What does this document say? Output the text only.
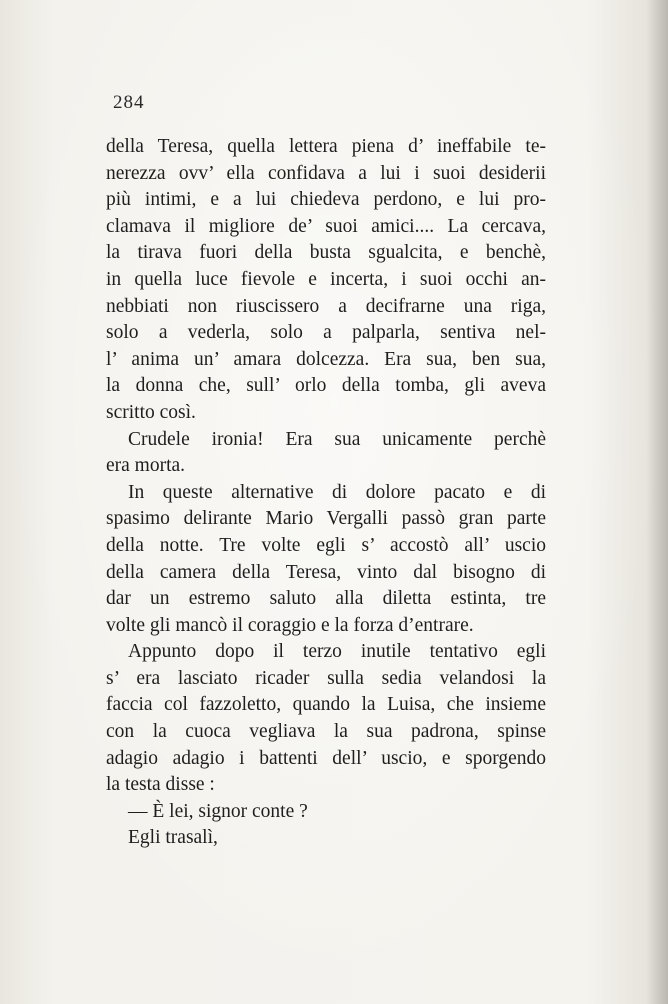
284
della Teresa, quella lettera piena d’ ineffabile te-
nerezza ovv’ ella confidava a lui i suoi desiderii
più intimi, e a lui chiedeva perdono, e lui pro-
clamava il migliore de’ suoi amici.... La cercava,
la tirava fuori della busta sgualcita, e benchè,
in quella luce fievole e incerta, i suoi occhi an-
nebbiati non riuscissero a decifrarne una riga,
solo a vederla, solo a palparla, sentiva nel-
l’ anima un’ amara dolcezza. Era sua, ben sua,
la donna che, sull’ orlo della tomba, gli aveva
scritto così.
Crudele ironia! Era sua unicamente perchè
era morta.
In queste alternative di dolore pacato e di
spasimo delirante Mario Vergalli passò gran parte
della notte. Tre volte egli s’ accostò all’ uscio
della camera della Teresa, vinto dal bisogno di
dar un estremo saluto alla diletta estinta, tre
volte gli mancò il coraggio e la forza d’entrare.
Appunto dopo il terzo inutile tentativo egli
s’ era lasciato ricader sulla sedia velandosi la
faccia col fazzoletto, quando la Luisa, che insieme
con la cuoca vegliava la sua padrona, spinse
adagio adagio i battenti dell’ uscio, e sporgendo
la testa disse :
— È lei, signor conte ?
Egli trasalì,
